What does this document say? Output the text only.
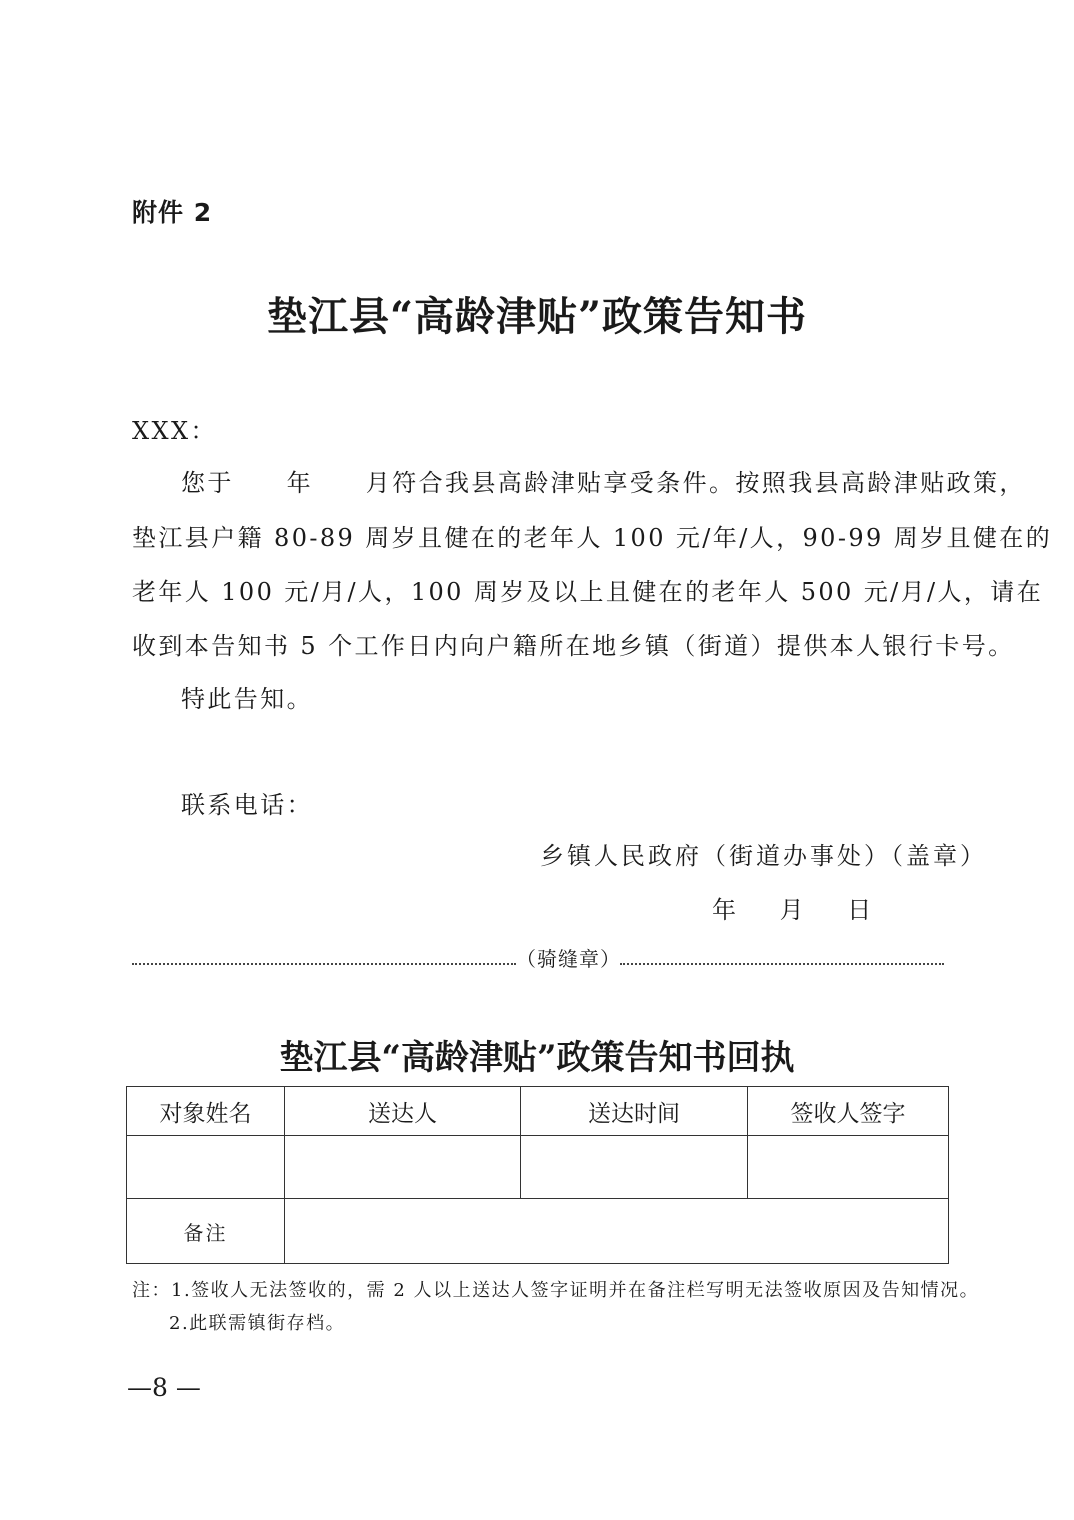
附件 2
垫江县“高龄津贴”政策告知书
XXX：
您于　　年　　月符合我县高龄津贴享受条件。按照我县高龄津贴政策，
垫江县户籍 80-89 周岁且健在的老年人 100 元/年/人，90-99 周岁且健在的
老年人 100 元/月/人，100 周岁及以上且健在的老年人 500 元/月/人，请在
收到本告知书 5 个工作日内向户籍所在地乡镇（街道）提供本人银行卡号。
特此告知。
联系电话：
乡镇人民政府（街道办事处）（盖章）
年 月 日
（骑缝章）
垫江县“高龄津贴”政策告知书回执
对象姓名	送达人	送达时间	签收人签字

备注			
注：1.签收人无法签收的，需 2 人以上送达人签字证明并在备注栏写明无法签收原因及告知情况。
2.此联需镇街存档。
—8 —
